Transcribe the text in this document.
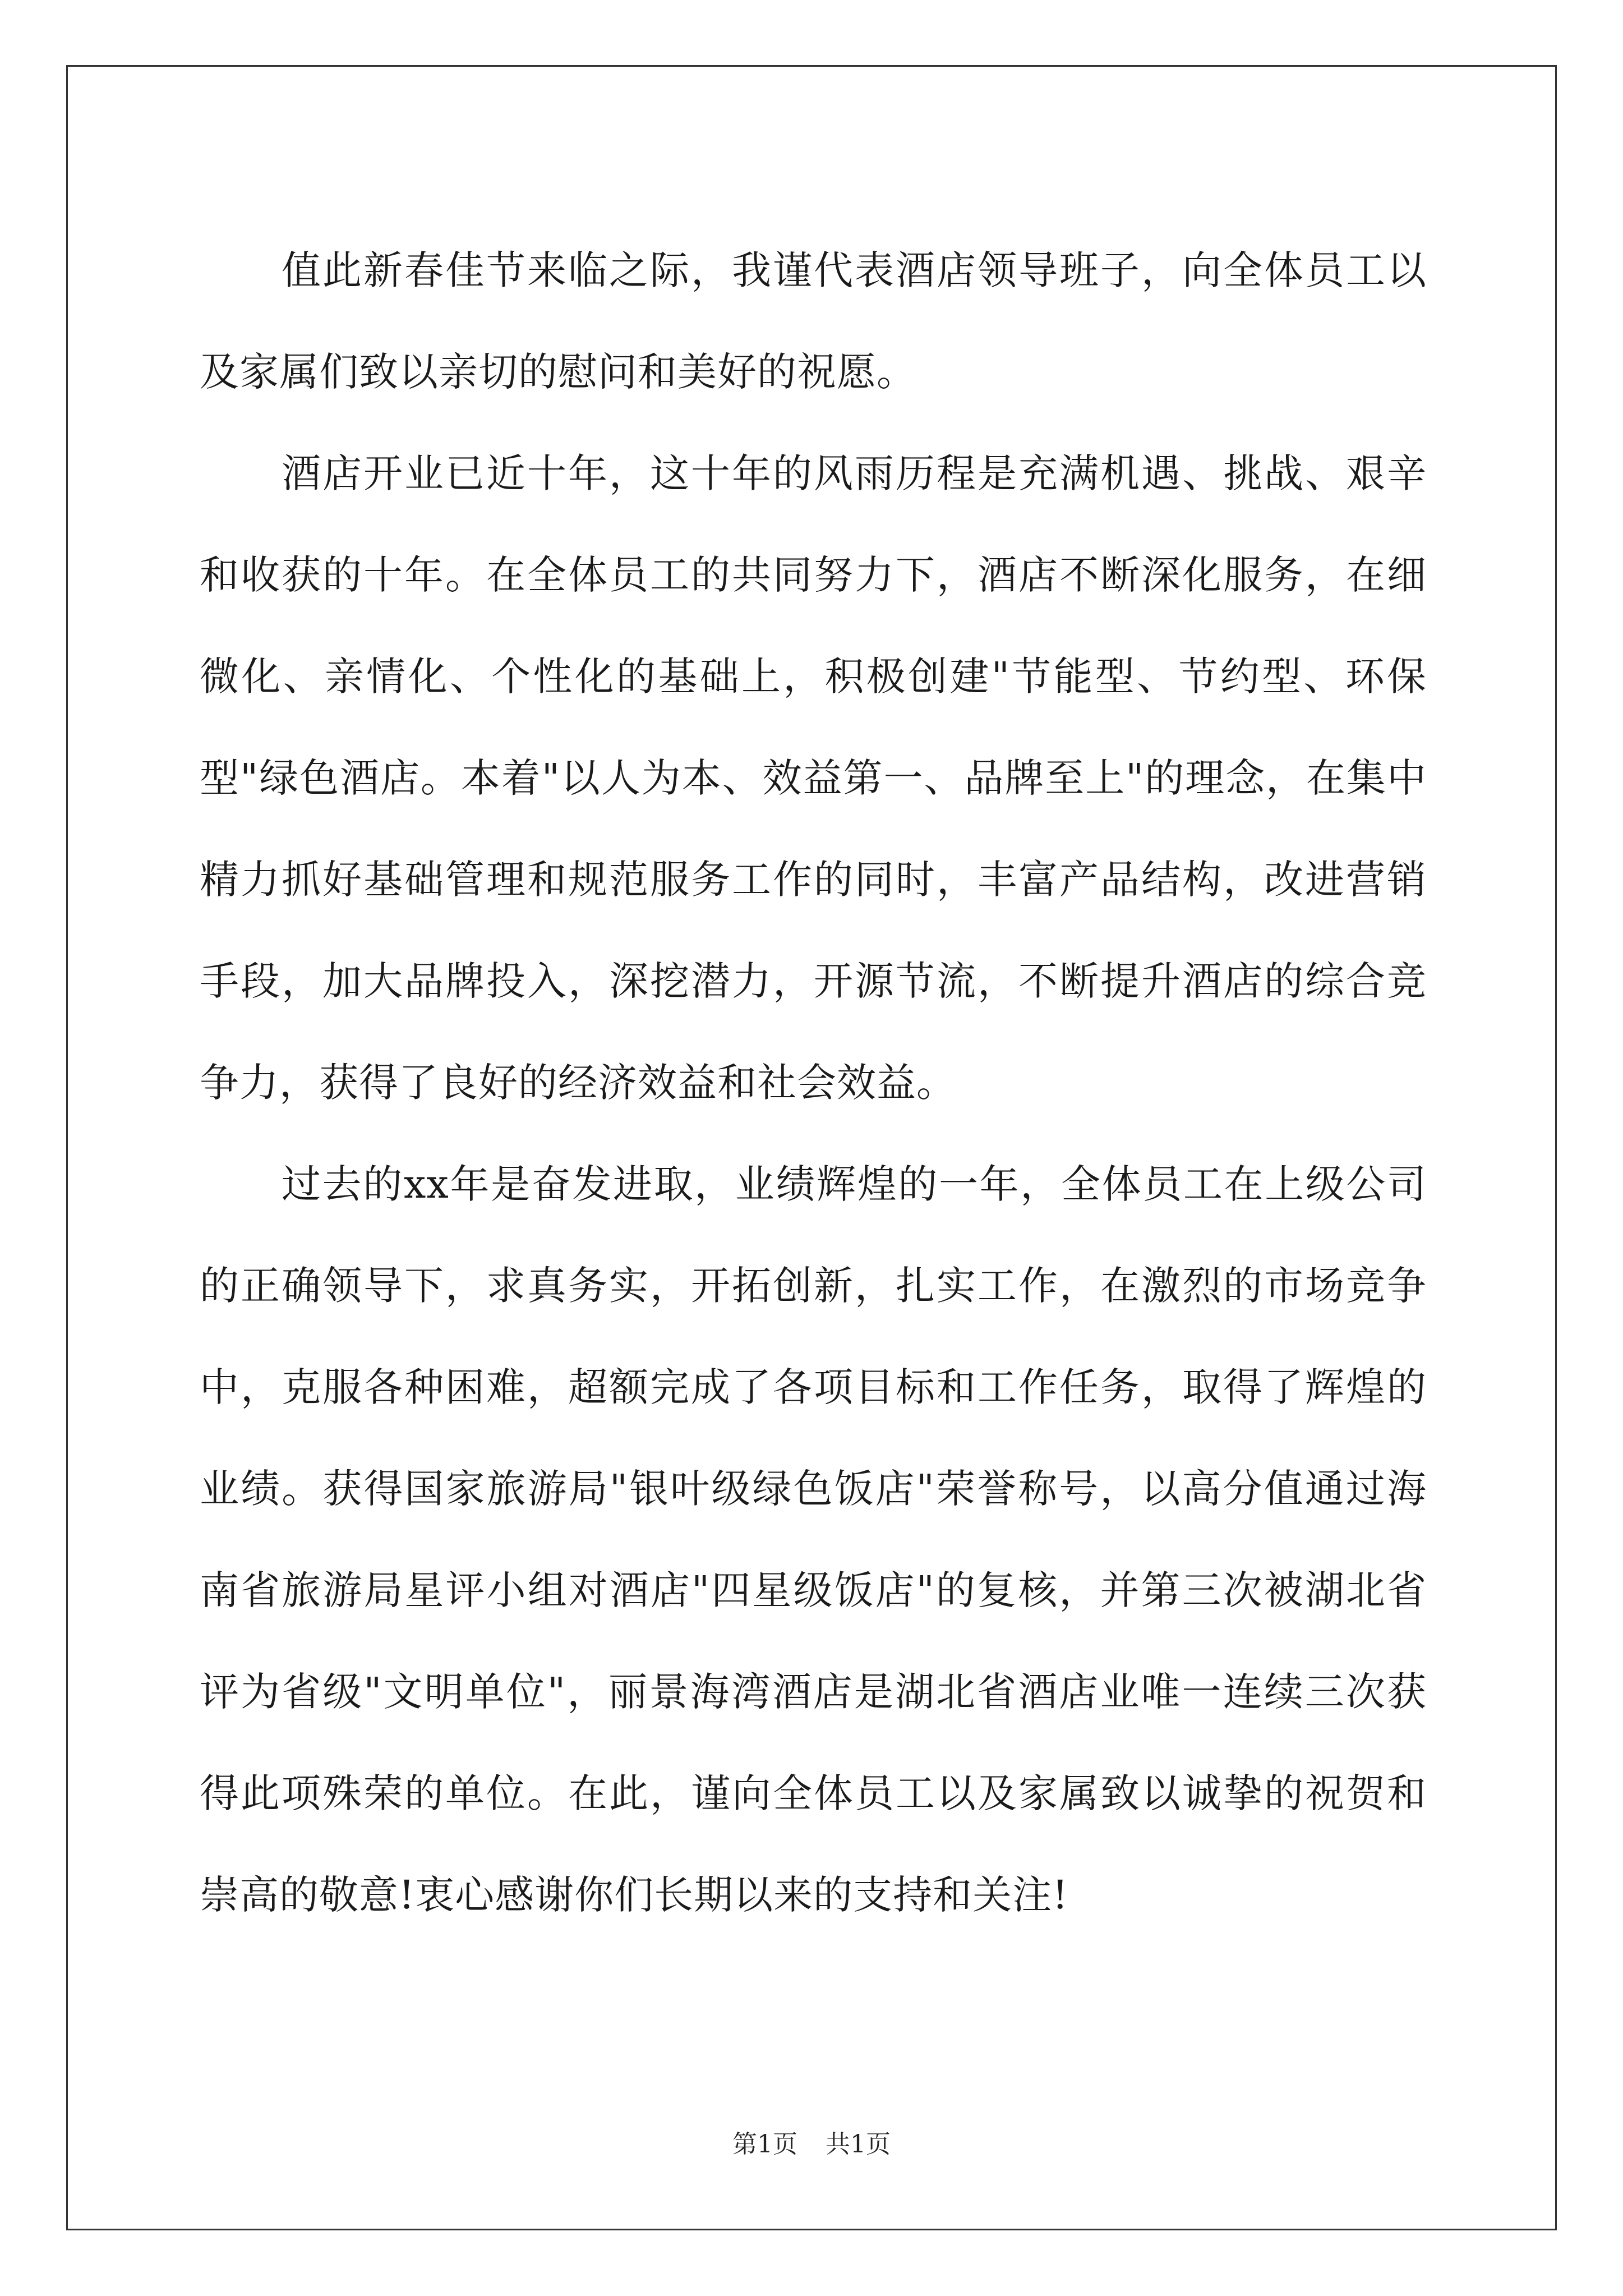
值此新春佳节来临之际，我谨代表酒店领导班子，向全体员工以及家属们致以亲切的慰问和美好的祝愿。

酒店开业已近十年，这十年的风雨历程是充满机遇、挑战、艰辛和收获的十年。在全体员工的共同努力下，酒店不断深化服务，在细微化、亲情化、个性化的基础上，积极创建"节能型、节约型、环保型"绿色酒店。本着"以人为本、效益第一、品牌至上"的理念，在集中精力抓好基础管理和规范服务工作的同时，丰富产品结构，改进营销手段，加大品牌投入，深挖潜力，开源节流，不断提升酒店的综合竞争力，获得了良好的经济效益和社会效益。

过去的xx年是奋发进取，业绩辉煌的一年，全体员工在上级公司的正确领导下，求真务实，开拓创新，扎实工作，在激烈的市场竞争中，克服各种困难，超额完成了各项目标和工作任务，取得了辉煌的业绩。获得国家旅游局"银叶级绿色饭店"荣誉称号，以高分值通过海南省旅游局星评小组对酒店"四星级饭店"的复核，并第三次被湖北省评为省级"文明单位"，丽景海湾酒店是湖北省酒店业唯一连续三次获得此项殊荣的单位。在此，谨向全体员工以及家属致以诚挚的祝贺和崇高的敬意!衷心感谢你们长期以来的支持和关注!

第1页 共1页
